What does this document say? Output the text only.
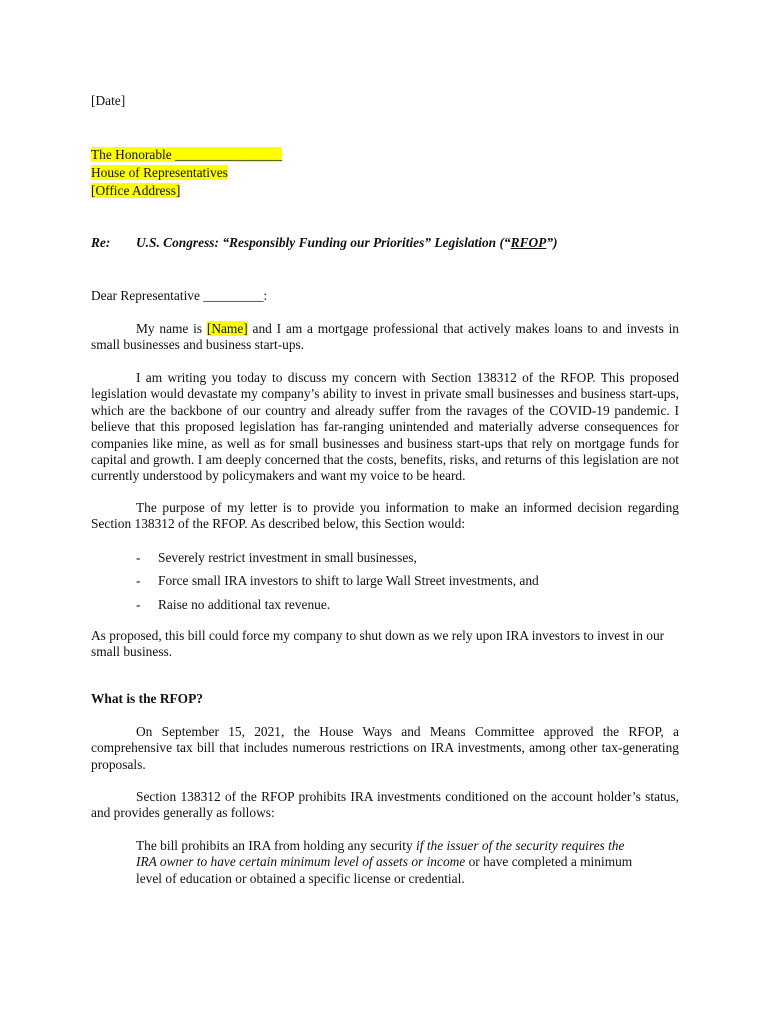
[Date]

The Honorable ________________
House of Representatives
[Office Address]
Re: U.S. Congress: “Responsibly Funding our Priorities” Legislation (“RFOP”)

Dear Representative _________:

My name is [Name] and I am a mortgage professional that actively makes loans to and invests in small businesses and business start-ups.

I am writing you today to discuss my concern with Section 138312 of the RFOP. This proposed legislation would devastate my company’s ability to invest in private small businesses and business start-ups, which are the backbone of our country and already suffer from the ravages of the COVID-19 pandemic. I believe that this proposed legislation has far-ranging unintended and materially adverse consequences for companies like mine, as well as for small businesses and business start-ups that rely on mortgage funds for capital and growth. I am deeply concerned that the costs, benefits, risks, and returns of this legislation are not currently understood by policymakers and want my voice to be heard.

The purpose of my letter is to provide you information to make an informed decision regarding Section 138312 of the RFOP. As described below, this Section would:

- Severely restrict investment in small businesses,
- Force small IRA investors to shift to large Wall Street investments, and
- Raise no additional tax revenue.

As proposed, this bill could force my company to shut down as we rely upon IRA investors to invest in our small business.

What is the RFOP?

On September 15, 2021, the House Ways and Means Committee approved the RFOP, a comprehensive tax bill that includes numerous restrictions on IRA investments, among other tax-generating proposals.

Section 138312 of the RFOP prohibits IRA investments conditioned on the account holder’s status, and provides generally as follows:

The bill prohibits an IRA from holding any security if the issuer of the security requires the IRA owner to have certain minimum level of assets or income or have completed a minimum level of education or obtained a specific license or credential.
